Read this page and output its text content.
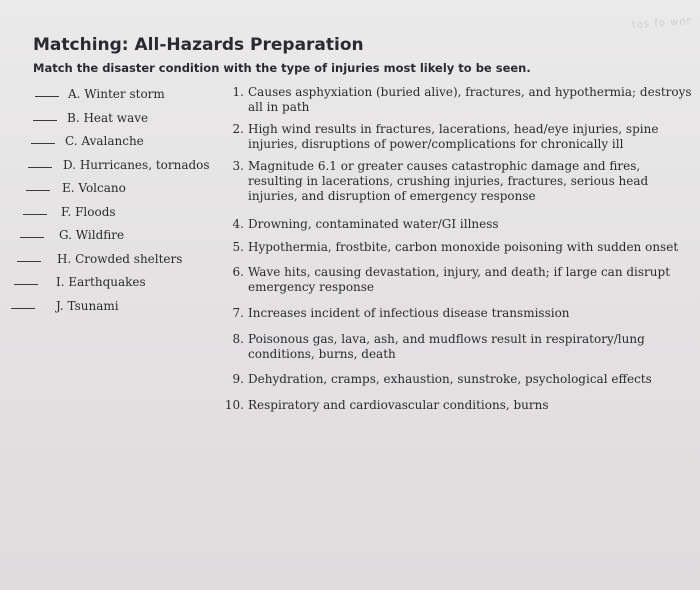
tos fo wor
Matching: All-Hazards Preparation
Match the disaster condition with the type of injuries most likely to be seen.
A. Winter storm
B. Heat wave
C. Avalanche
D. Hurricanes, tornados
E. Volcano
F. Floods
G. Wildfire
H. Crowded shelters
I. Earthquakes
J. Tsunami
1. Causes asphyxiation (buried alive), fractures, and hypothermia; destroys all in path
2. High wind results in fractures, lacerations, head/eye injuries, spine injuries, disruptions of power/complications for chronically ill
3. Magnitude 6.1 or greater causes catastrophic damage and fires, resulting in lacerations, crushing injuries, fractures, serious head injuries, and disruption of emergency response
4. Drowning, contaminated water/GI illness
5. Hypothermia, frostbite, carbon monoxide poisoning with sudden onset
6. Wave hits, causing devastation, injury, and death; if large can disrupt emergency response
7. Increases incident of infectious disease transmission
8. Poisonous gas, lava, ash, and mudflows result in respiratory/lung conditions, burns, death
9. Dehydration, cramps, exhaustion, sunstroke, psychological effects
10. Respiratory and cardiovascular conditions, burns
